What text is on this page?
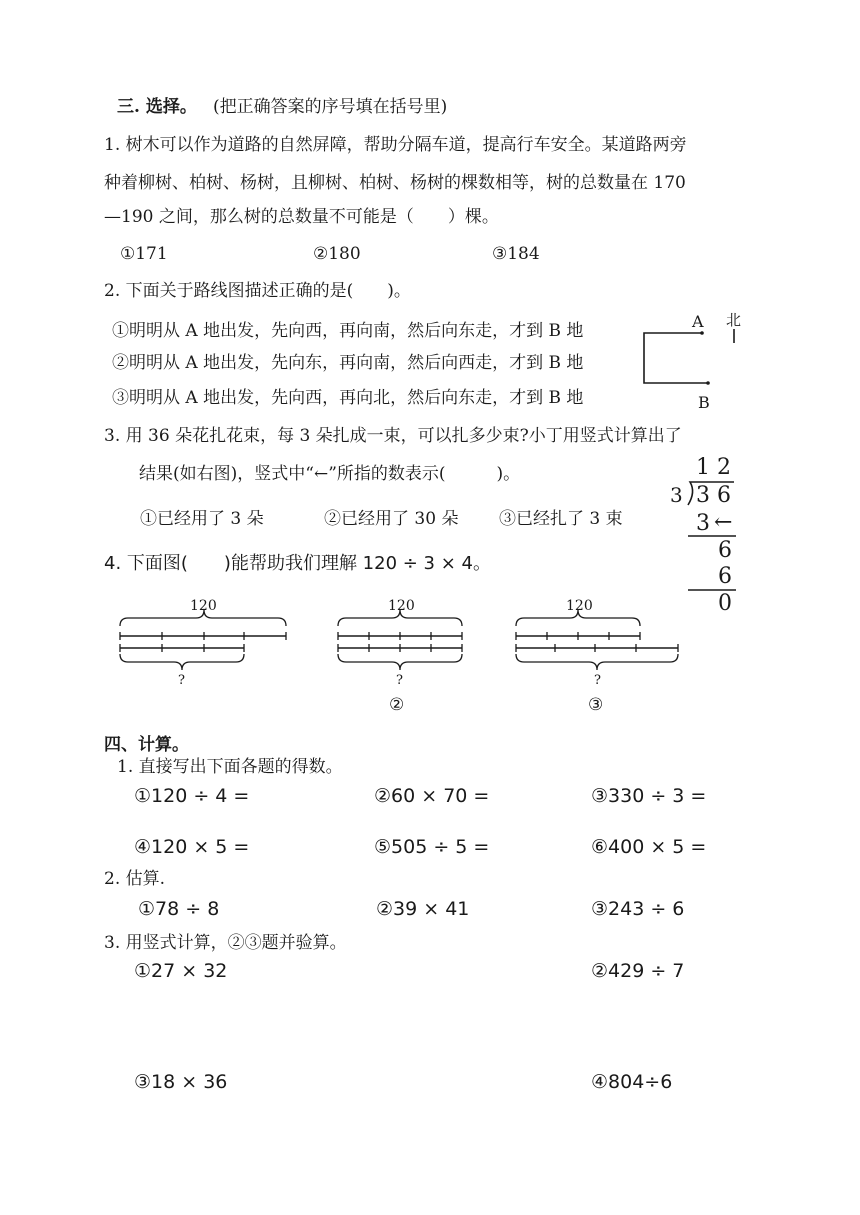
三. 选择。 (把正确答案的序号填在括号里)
1. 树木可以作为道路的自然屏障，帮助分隔车道，提高行车安全。某道路两旁
种着柳树、柏树、杨树，且柳树、柏树、杨树的棵数相等，树的总数量在 170
—190 之间，那么树的总数量不可能是（　　）棵。
①171	②180	③184
2. 下面关于路线图描述正确的是(　　)。
①明明从 A 地出发，先向西，再向南，然后向东走，才到 B 地
②明明从 A 地出发，先向东，再向南，然后向西走，才到 B 地
③明明从 A 地出发，先向西，再向北，然后向东走，才到 B 地
A
B
北
3. 用 36 朵花扎花束，每 3 朵扎成一束，可以扎多少束?小丁用竖式计算出了
结果(如右图)，竖式中“←”所指的数表示(　　　)。
①已经用了 3 朵	②已经用了 30 朵 ③已经扎了 3 束
1 2
3 3 6
3 ←
6
6
0
4. 下面图(　　)能帮助我们理解 120 ÷ 3 × 4。
120
?
120
?
②
120
?
③
四、计算。
1. 直接写出下面各题的得数。
①120 ÷ 4 =	②60 × 70 =	③330 ÷ 3 =
④120 × 5 =	⑤505 ÷ 5 =	⑥400 × 5 =
2. 估算.
①78 ÷ 8	②39 × 41	③243 ÷ 6
3. 用竖式计算，②③题并验算。
①27 × 32	②429 ÷ 7
③18 × 36	④804÷6
